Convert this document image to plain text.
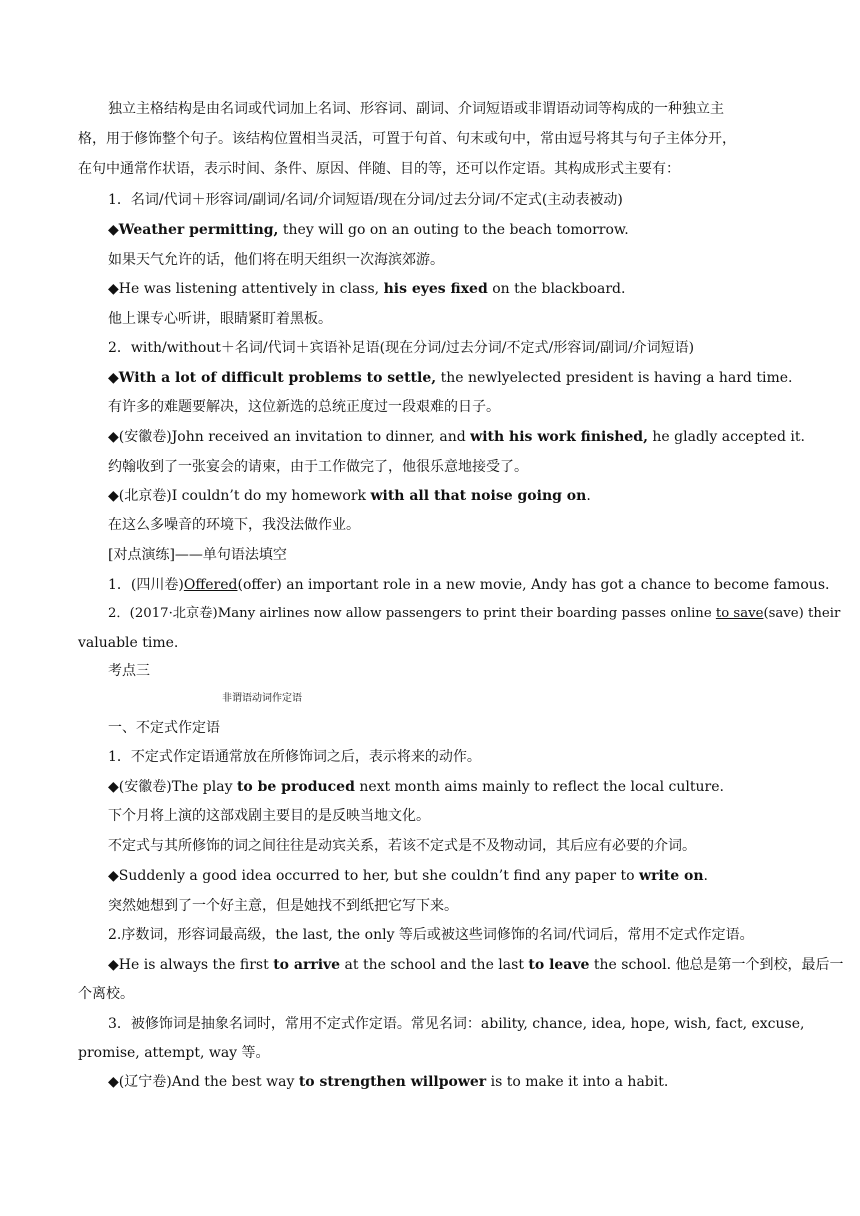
独立主格结构是由名词或代词加上名词、形容词、副词、介词短语或非谓语动词等构成的一种独立主
格，用于修饰整个句子。该结构位置相当灵活，可置于句首、句末或句中，常由逗号将其与句子主体分开，
在句中通常作状语，表示时间、条件、原因、伴随、目的等，还可以作定语。其构成形式主要有：
1．名词/代词＋形容词/副词/名词/介词短语/现在分词/过去分词/不定式(主动表被动)
◆Weather permitting, they will go on an outing to the beach tomorrow.
如果天气允许的话，他们将在明天组织一次海滨郊游。
◆He was listening attentively in class, his eyes fixed on the blackboard.
他上课专心听讲，眼睛紧盯着黑板。
2．with/without＋名词/代词＋宾语补足语(现在分词/过去分词/不定式/形容词/副词/介词短语)
◆With a lot of difficult problems to settle, the newlyelected president is having a hard time.
有许多的难题要解决，这位新选的总统正度过一段艰难的日子。
◆(安徽卷)John received an invitation to dinner, and with his work finished, he gladly accepted it.
约翰收到了一张宴会的请柬，由于工作做完了，他很乐意地接受了。
◆(北京卷)I couldn’t do my homework with all that noise going on.
在这么多噪音的环境下，我没法做作业。
[对点演练]——单句语法填空
1．(四川卷)Offered(offer) an important role in a new movie, Andy has got a chance to become famous.
2．(2017·北京卷)Many airlines now allow passengers to print their boarding passes online to save(save) their
valuable time.
考点三
非谓语动词作定语
一、不定式作定语
1．不定式作定语通常放在所修饰词之后，表示将来的动作。
◆(安徽卷)The play to be produced next month aims mainly to reflect the local culture.
下个月将上演的这部戏剧主要目的是反映当地文化。
不定式与其所修饰的词之间往往是动宾关系，若该不定式是不及物动词，其后应有必要的介词。
◆Suddenly a good idea occurred to her, but she couldn’t find any paper to write on.
突然她想到了一个好主意，但是她找不到纸把它写下来。
2.序数词，形容词最高级，the last, the only 等后或被这些词修饰的名词/代词后，常用不定式作定语。
◆He is always the first to arrive at the school and the last to leave the school. 他总是第一个到校，最后一
个离校。
3．被修饰词是抽象名词时，常用不定式作定语。常见名词：ability, chance, idea, hope, wish, fact, excuse,
promise, attempt, way 等。
◆(辽宁卷)And the best way to strengthen willpower is to make it into a habit.
